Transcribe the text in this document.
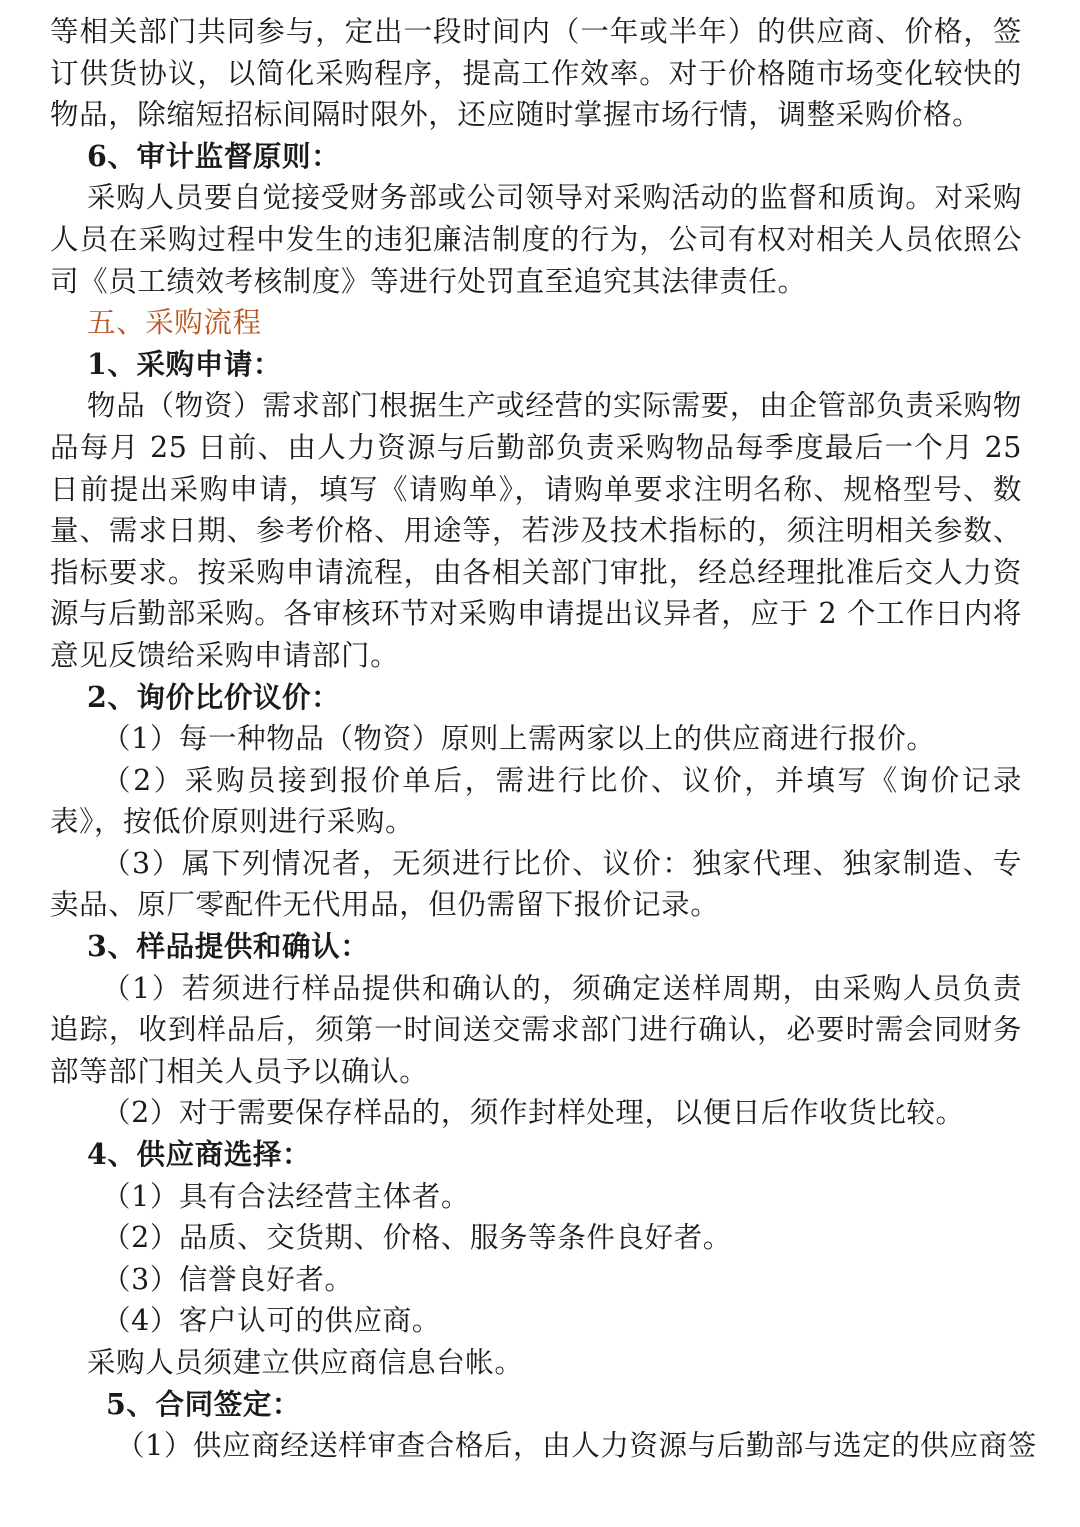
等相关部门共同参与，定出一段时间内（一年或半年）的供应商、价格，签订供货协议，以简化采购程序，提高工作效率。对于价格随市场变化较快的物品，除缩短招标间隔时限外，还应随时掌握市场行情，调整采购价格。

6、审计监督原则：

采购人员要自觉接受财务部或公司领导对采购活动的监督和质询。对采购人员在采购过程中发生的违犯廉洁制度的行为，公司有权对相关人员依照公司《员工绩效考核制度》等进行处罚直至追究其法律责任。

五、采购流程

1、采购申请：

物品（物资）需求部门根据生产或经营的实际需要，由企管部负责采购物品每月 25 日前、由人力资源与后勤部负责采购物品每季度最后一个月 25 日前提出采购申请，填写《请购单》，请购单要求注明名称、规格型号、数量、需求日期、参考价格、用途等，若涉及技术指标的，须注明相关参数、指标要求。按采购申请流程，由各相关部门审批，经总经理批准后交人力资源与后勤部采购。各审核环节对采购申请提出议异者，应于 2 个工作日内将意见反馈给采购申请部门。

2、询价比价议价：

（1）每一种物品（物资）原则上需两家以上的供应商进行报价。

（2）采购员接到报价单后，需进行比价、议价，并填写《询价记录表》，按低价原则进行采购。

（3）属下列情况者，无须进行比价、议价：独家代理、独家制造、专卖品、原厂零配件无代用品，但仍需留下报价记录。

3、样品提供和确认：

（1）若须进行样品提供和确认的，须确定送样周期，由采购人员负责追踪，收到样品后，须第一时间送交需求部门进行确认，必要时需会同财务部等部门相关人员予以确认。

（2）对于需要保存样品的，须作封样处理，以便日后作收货比较。

4、供应商选择：

（1）具有合法经营主体者。

（2）品质、交货期、价格、服务等条件良好者。

（3）信誉良好者。

（4）客户认可的供应商。

采购人员须建立供应商信息台帐。

5、合同签定：

（1）供应商经送样审查合格后，由人力资源与后勤部与选定的供应商签
